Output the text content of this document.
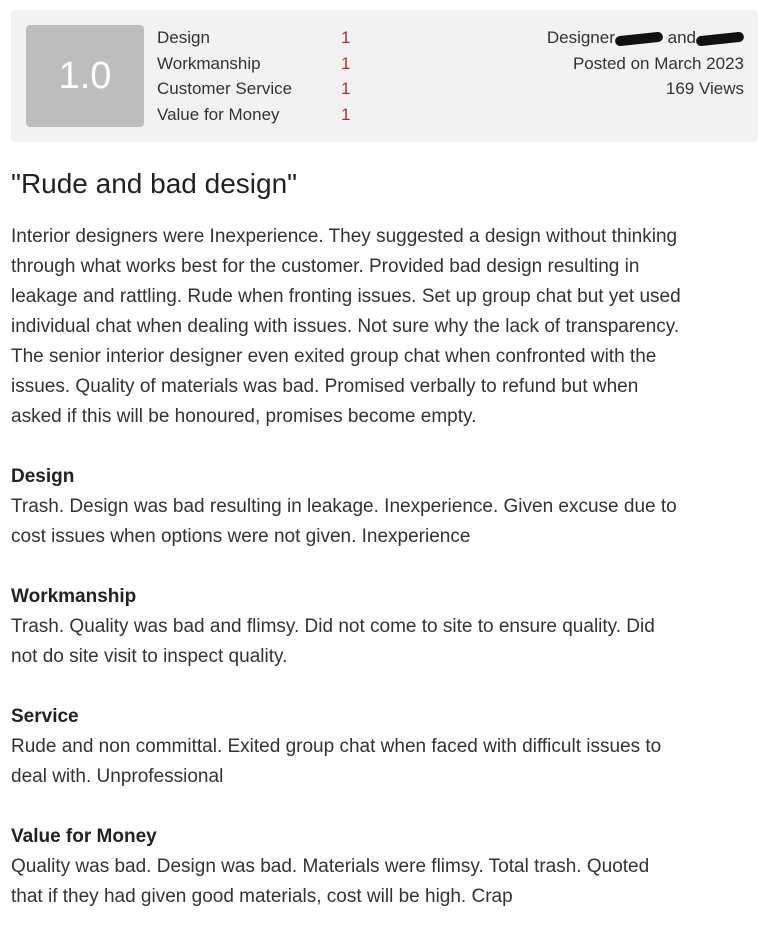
1.0
Design	1
Workmanship	1
Customer Service	1
Value for Money	1
Designer	and
Posted on March 2023
169 Views
"Rude and bad design"
Interior designers were Inexperience. They suggested a design without thinking
through what works best for the customer. Provided bad design resulting in
leakage and rattling. Rude when fronting issues. Set up group chat but yet used
individual chat when dealing with issues. Not sure why the lack of transparency.
The senior interior designer even exited group chat when confronted with the
issues. Quality of materials was bad. Promised verbally to refund but when
asked if this will be honoured, promises become empty.
Design
Trash. Design was bad resulting in leakage. Inexperience. Given excuse due to
cost issues when options were not given. Inexperience
Workmanship
Trash. Quality was bad and flimsy. Did not come to site to ensure quality. Did
not do site visit to inspect quality.
Service
Rude and non committal. Exited group chat when faced with difficult issues to
deal with. Unprofessional
Value for Money
Quality was bad. Design was bad. Materials were flimsy. Total trash. Quoted
that if they had given good materials, cost will be high. Crap
